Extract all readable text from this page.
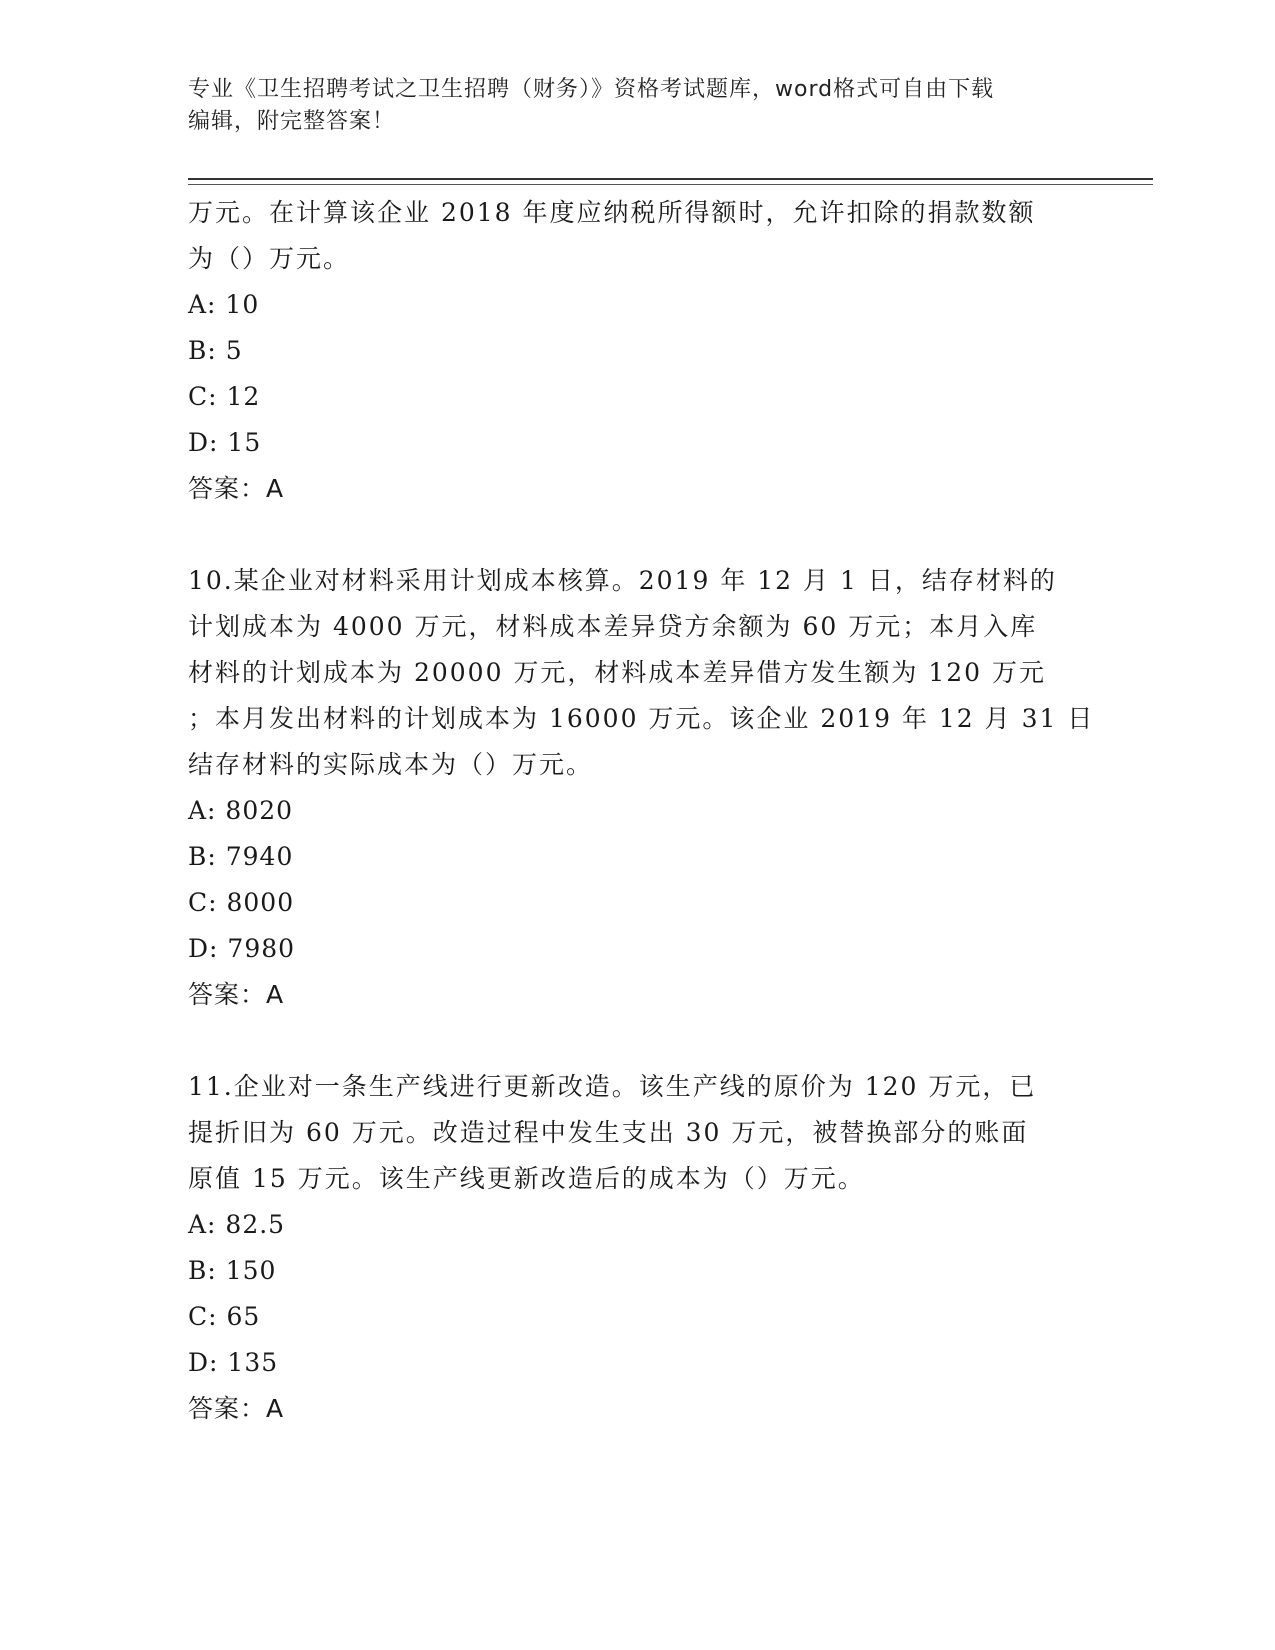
专业《卫生招聘考试之卫生招聘（财务）》资格考试题库，word格式可自由下载
编辑，附完整答案！
万元。在计算该企业 2018 年度应纳税所得额时，允许扣除的捐款数额
为（）万元。
A: 10
B: 5
C: 12
D: 15
答案：A
10.某企业对材料采用计划成本核算。2019 年 12 月 1 日，结存材料的
计划成本为 4000 万元，材料成本差异贷方余额为 60 万元；本月入库
材料的计划成本为 20000 万元，材料成本差异借方发生额为 120 万元
；本月发出材料的计划成本为 16000 万元。该企业 2019 年 12 月 31 日
结存材料的实际成本为（）万元。
A: 8020
B: 7940
C: 8000
D: 7980
答案：A
11.企业对一条生产线进行更新改造。该生产线的原价为 120 万元，已
提折旧为 60 万元。改造过程中发生支出 30 万元，被替换部分的账面
原值 15 万元。该生产线更新改造后的成本为（）万元。
A: 82.5
B: 150
C: 65
D: 135
答案：A
